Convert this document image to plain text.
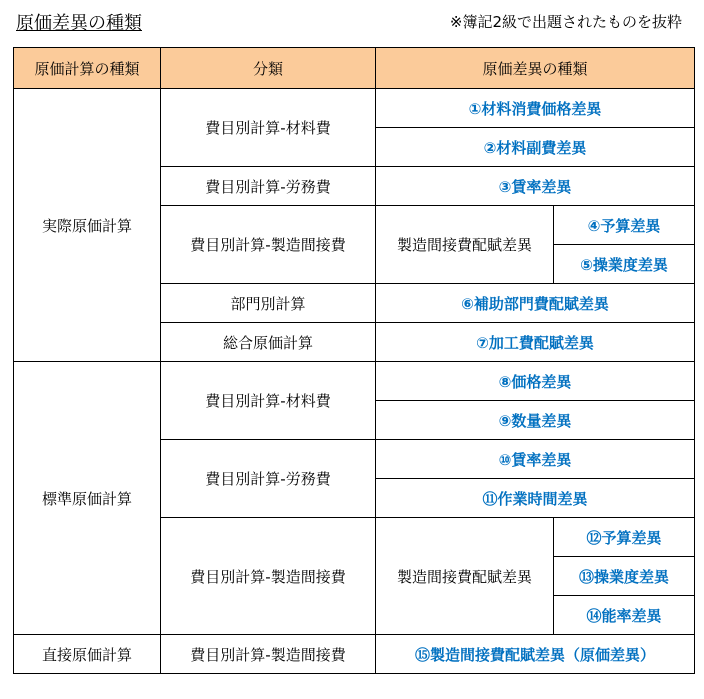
原価差異の種類	※簿記2級で出題されたものを抜粋
原価計算の種類	分類	原価差異の種類	
実際原価計算	費目別計算-材料費	①材料消費価格差異	
		②材料副費差異	
	費目別計算-労務費	③賃率差異	
	費目別計算-製造間接費	製造間接費配賦差異	④予算差異
			⑤操業度差異
	部門別計算	⑥補助部門費配賦差異	
	総合原価計算	⑦加工費配賦差異	
標準原価計算	費目別計算-材料費	⑧価格差異	
		⑨数量差異	
	費目別計算-労務費	⑩賃率差異	
		⑪作業時間差異	
	費目別計算-製造間接費	製造間接費配賦差異	⑫予算差異
			⑬操業度差異
			⑭能率差異
直接原価計算	費目別計算-製造間接費	⑮製造間接費配賦差異（原価差異）	
